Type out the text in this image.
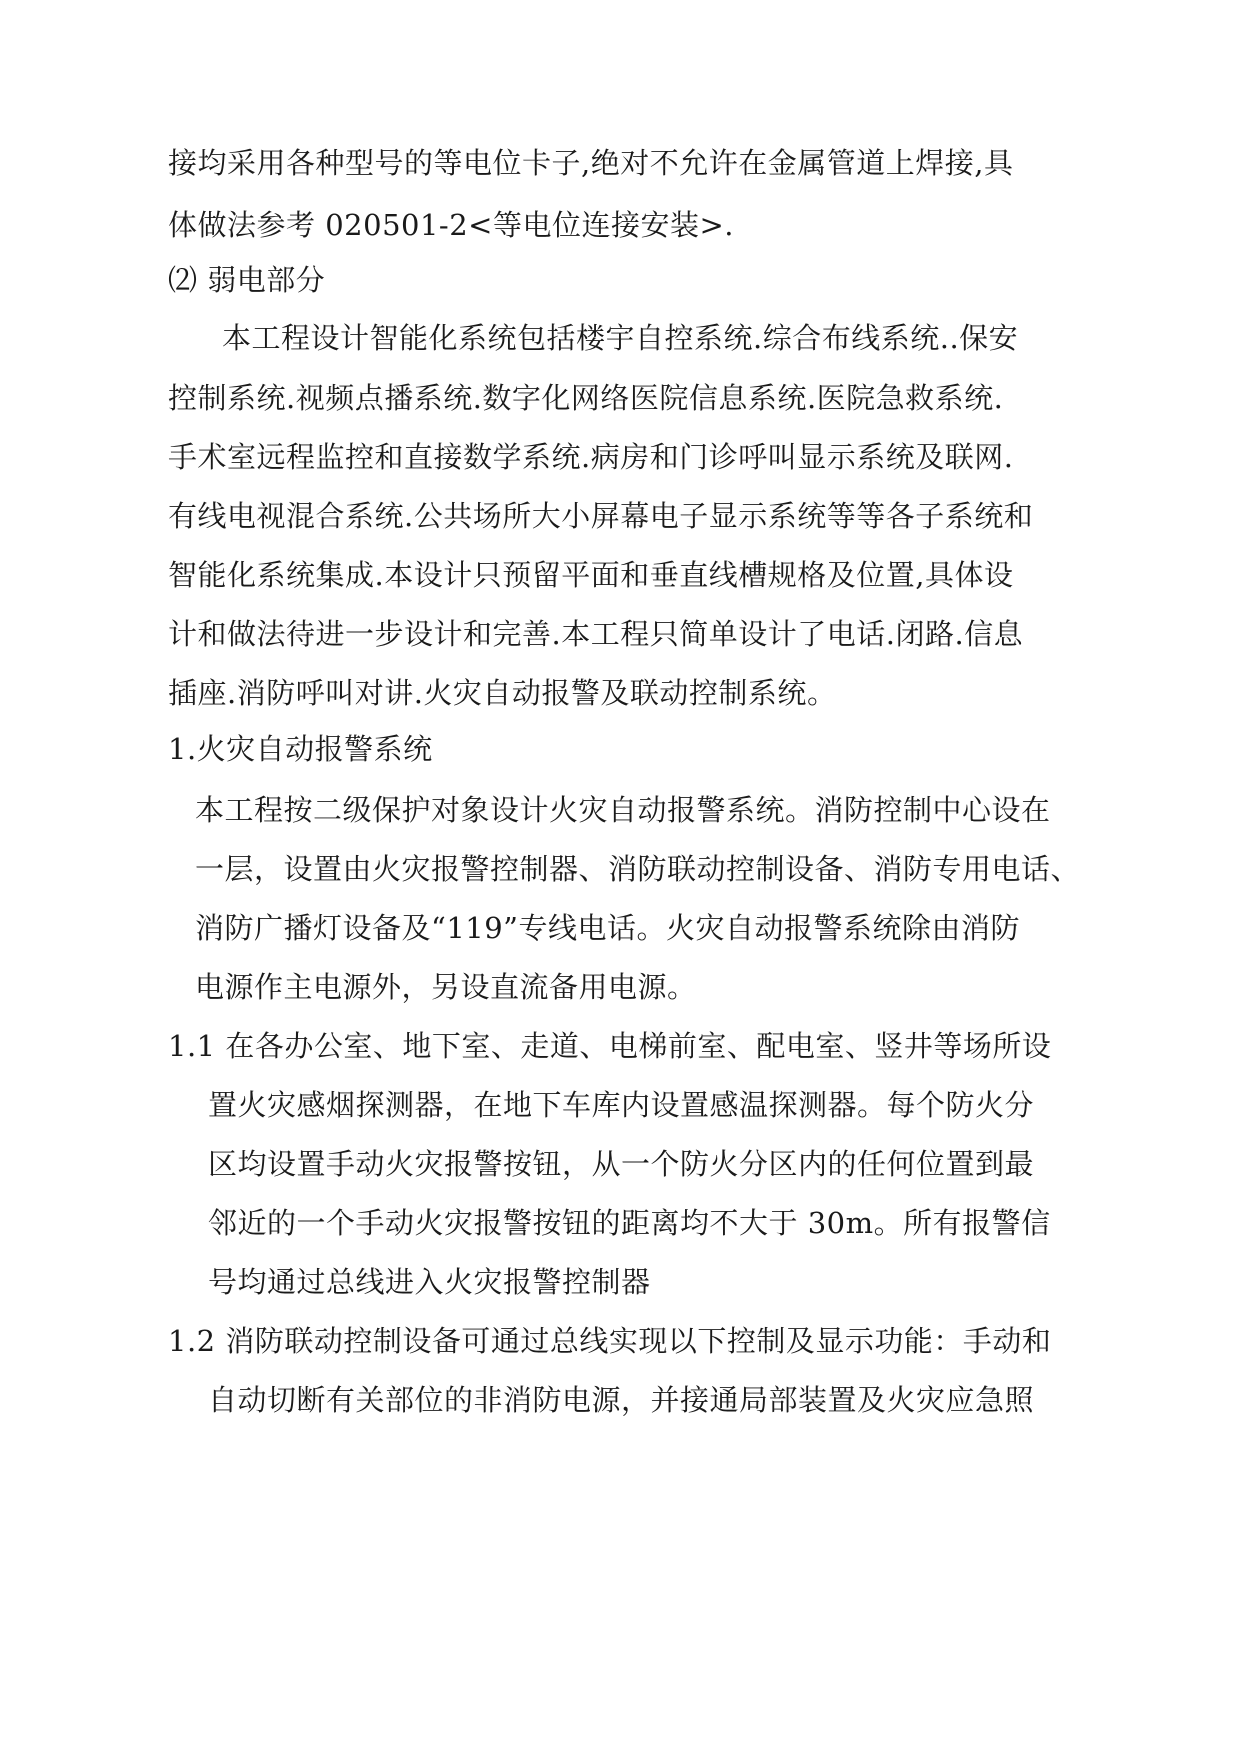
接均采用各种型号的等电位卡子,绝对不允许在金属管道上焊接,具
体做法参考 020501-2<等电位连接安装>.
⑵ 弱电部分
本工程设计智能化系统包括楼宇自控系统.综合布线系统..保安
控制系统.视频点播系统.数字化网络医院信息系统.医院急救系统.
手术室远程监控和直接数学系统.病房和门诊呼叫显示系统及联网.
有线电视混合系统.公共场所大小屏幕电子显示系统等等各子系统和
智能化系统集成.本设计只预留平面和垂直线槽规格及位置,具体设
计和做法待进一步设计和完善.本工程只简单设计了电话.闭路.信息
插座.消防呼叫对讲.火灾自动报警及联动控制系统。
1.火灾自动报警系统
本工程按二级保护对象设计火灾自动报警系统。消防控制中心设在
一层，设置由火灾报警控制器、消防联动控制设备、消防专用电话、
消防广播灯设备及“119”专线电话。火灾自动报警系统除由消防
电源作主电源外，另设直流备用电源。
1.1 在各办公室、地下室、走道、电梯前室、配电室、竖井等场所设
置火灾感烟探测器，在地下车库内设置感温探测器。每个防火分
区均设置手动火灾报警按钮，从一个防火分区内的任何位置到最
邻近的一个手动火灾报警按钮的距离均不大于 30m。所有报警信
号均通过总线进入火灾报警控制器
1.2 消防联动控制设备可通过总线实现以下控制及显示功能：手动和
自动切断有关部位的非消防电源，并接通局部装置及火灾应急照
